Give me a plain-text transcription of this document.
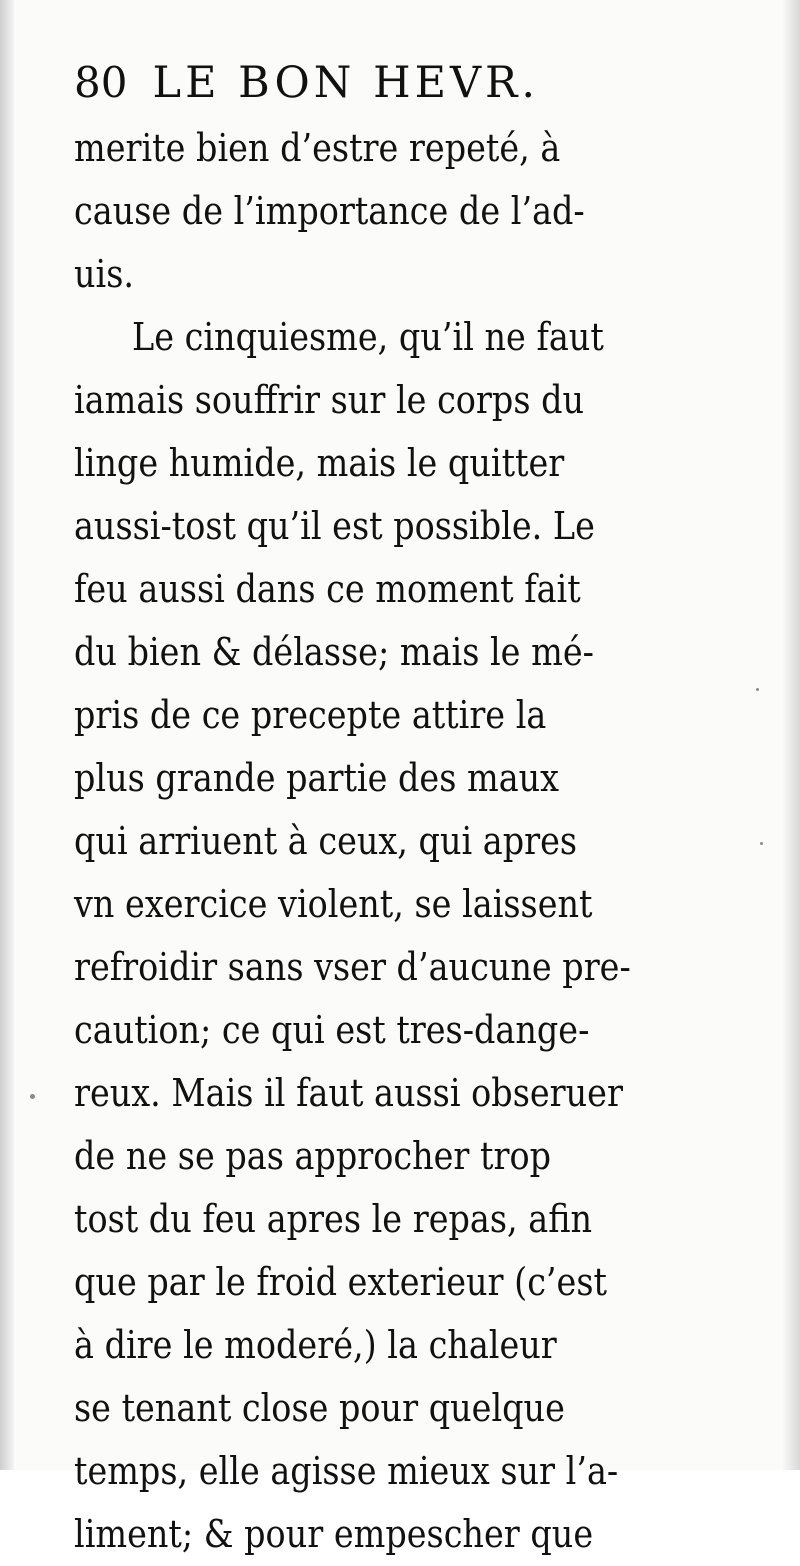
80 LE BON HEVR.
merite bien d’estre repeté, à
cause de l’importance de l’ad-
uis.
Le cinquiesme, qu’il ne faut
iamais souffrir sur le corps du
linge humide, mais le quitter
aussi-tost qu’il est possible. Le
feu aussi dans ce moment fait
du bien & délasse; mais le mé-
pris de ce precepte attire la
plus grande partie des maux
qui arriuent à ceux, qui apres
vn exercice violent, se laissent
refroidir sans vser d’aucune pre-
caution; ce qui est tres-dange-
reux. Mais il faut aussi obseruer
de ne se pas approcher trop
tost du feu apres le repas, afin
que par le froid exterieur (c’est
à dire le moderé,) la chaleur
se tenant close pour quelque
temps, elle agisse mieux sur l’a-
liment; & pour empescher que
